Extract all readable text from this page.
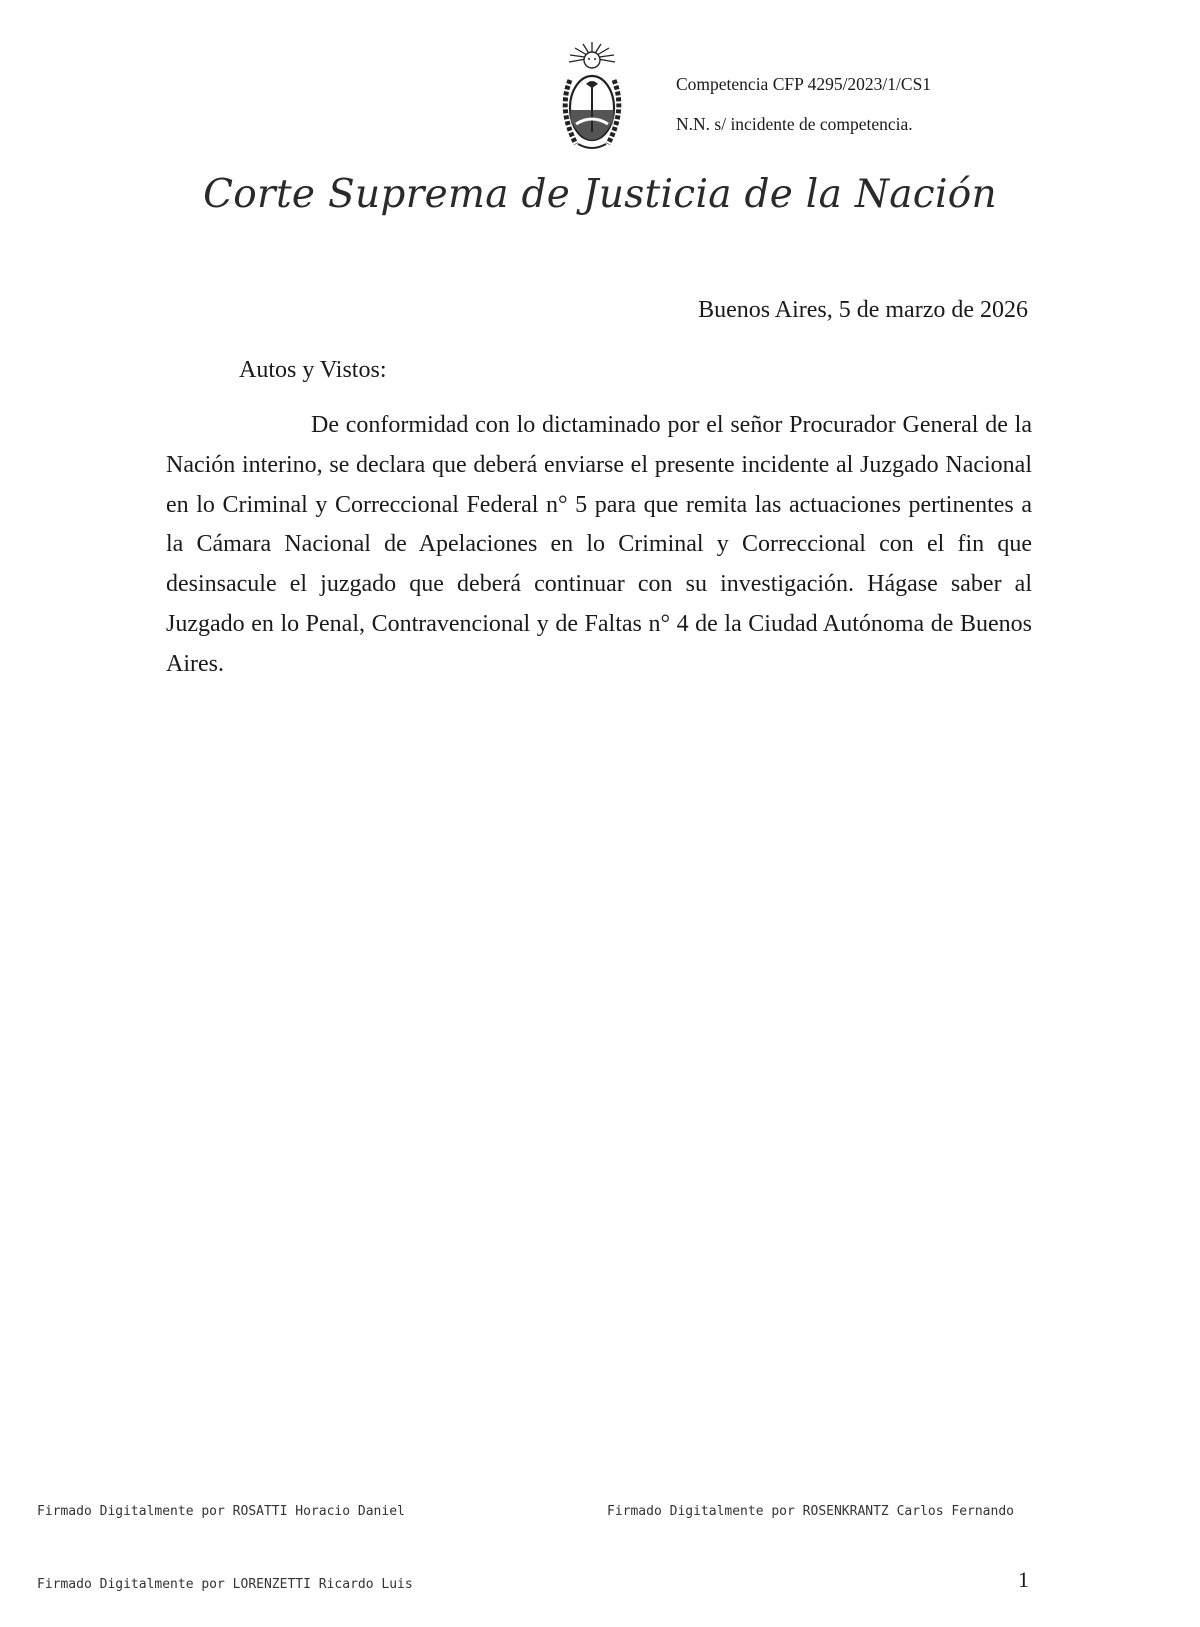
Competencia CFP 4295/2023/1/CS1
N.N. s/ incidente de competencia.
Corte Suprema de Justicia de la Nación
Buenos Aires, 5 de marzo de 2026
Autos y Vistos:
De conformidad con lo dictaminado por el señor Procurador General de la Nación interino, se declara que deberá enviarse el presente incidente al Juzgado Nacional en lo Criminal y Correccional Federal n° 5 para que remita las actuaciones pertinentes a la Cámara Nacional de Apelaciones en lo Criminal y Correccional con el fin que desinsacule el juzgado que deberá continuar con su investigación. Hágase saber al Juzgado en lo Penal, Contravencional y de Faltas n° 4 de la Ciudad Autónoma de Buenos Aires.
Firmado Digitalmente por ROSATTI Horacio Daniel	Firmado Digitalmente por ROSENKRANTZ Carlos Fernando
Firmado Digitalmente por LORENZETTI Ricardo Luis	1
